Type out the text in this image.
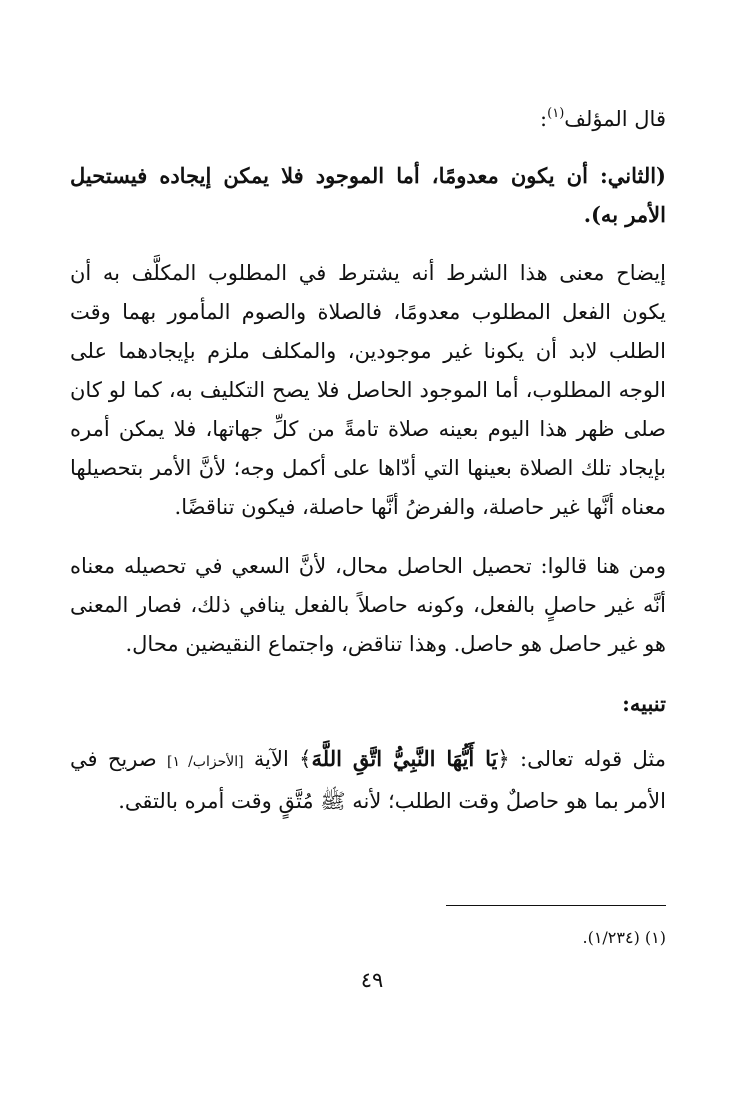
قال المؤلف$^{(١)}$:

(الثاني: أن يكون معدومًا، أما الموجود فلا يمكن إيجاده فيستحيل الأمر به).

إيضاح معنى هذا الشرط أنه يشترط في المطلوب المكلَّف به أن يكون الفعل المطلوب معدومًا، فالصلاة والصوم المأمور بهما وقت الطلب لابد أن يكونا غير موجودين، والمكلف ملزم بإيجادهما على الوجه المطلوب، أما الموجود الحاصل فلا يصح التكليف به، كما لو كان صلى ظهر هذا اليوم بعينه صلاة تامةً من كلِّ جهاتها، فلا يمكن أمره بإيجاد تلك الصلاة بعينها التي أدّاها على أكمل وجه؛ لأنَّ الأمر بتحصيلها معناه أنَّها غير حاصلة، والفرضُ أنَّها حاصلة، فيكون تناقضًا.

ومن هنا قالوا: تحصيل الحاصل محال، لأنَّ السعي في تحصيله معناه أنَّه غير حاصلٍ بالفعل، وكونه حاصلاً بالفعل ينافي ذلك، فصار المعنى هو غير حاصل هو حاصل. وهذا تناقض، واجتماع النقيضين محال.

تنبيه:

مثل قوله تعالى: ﴿يَا أَيُّهَا النَّبِيُّ اتَّقِ اللَّهَ﴾ الآية [الأحزاب/ ١] صريح في الأمر بما هو حاصلٌ وقت الطلب؛ لأنه ﷺ مُتَّقٍ وقت أمره بالتقى.

(١) (١/٢٣٤).
٤٩
